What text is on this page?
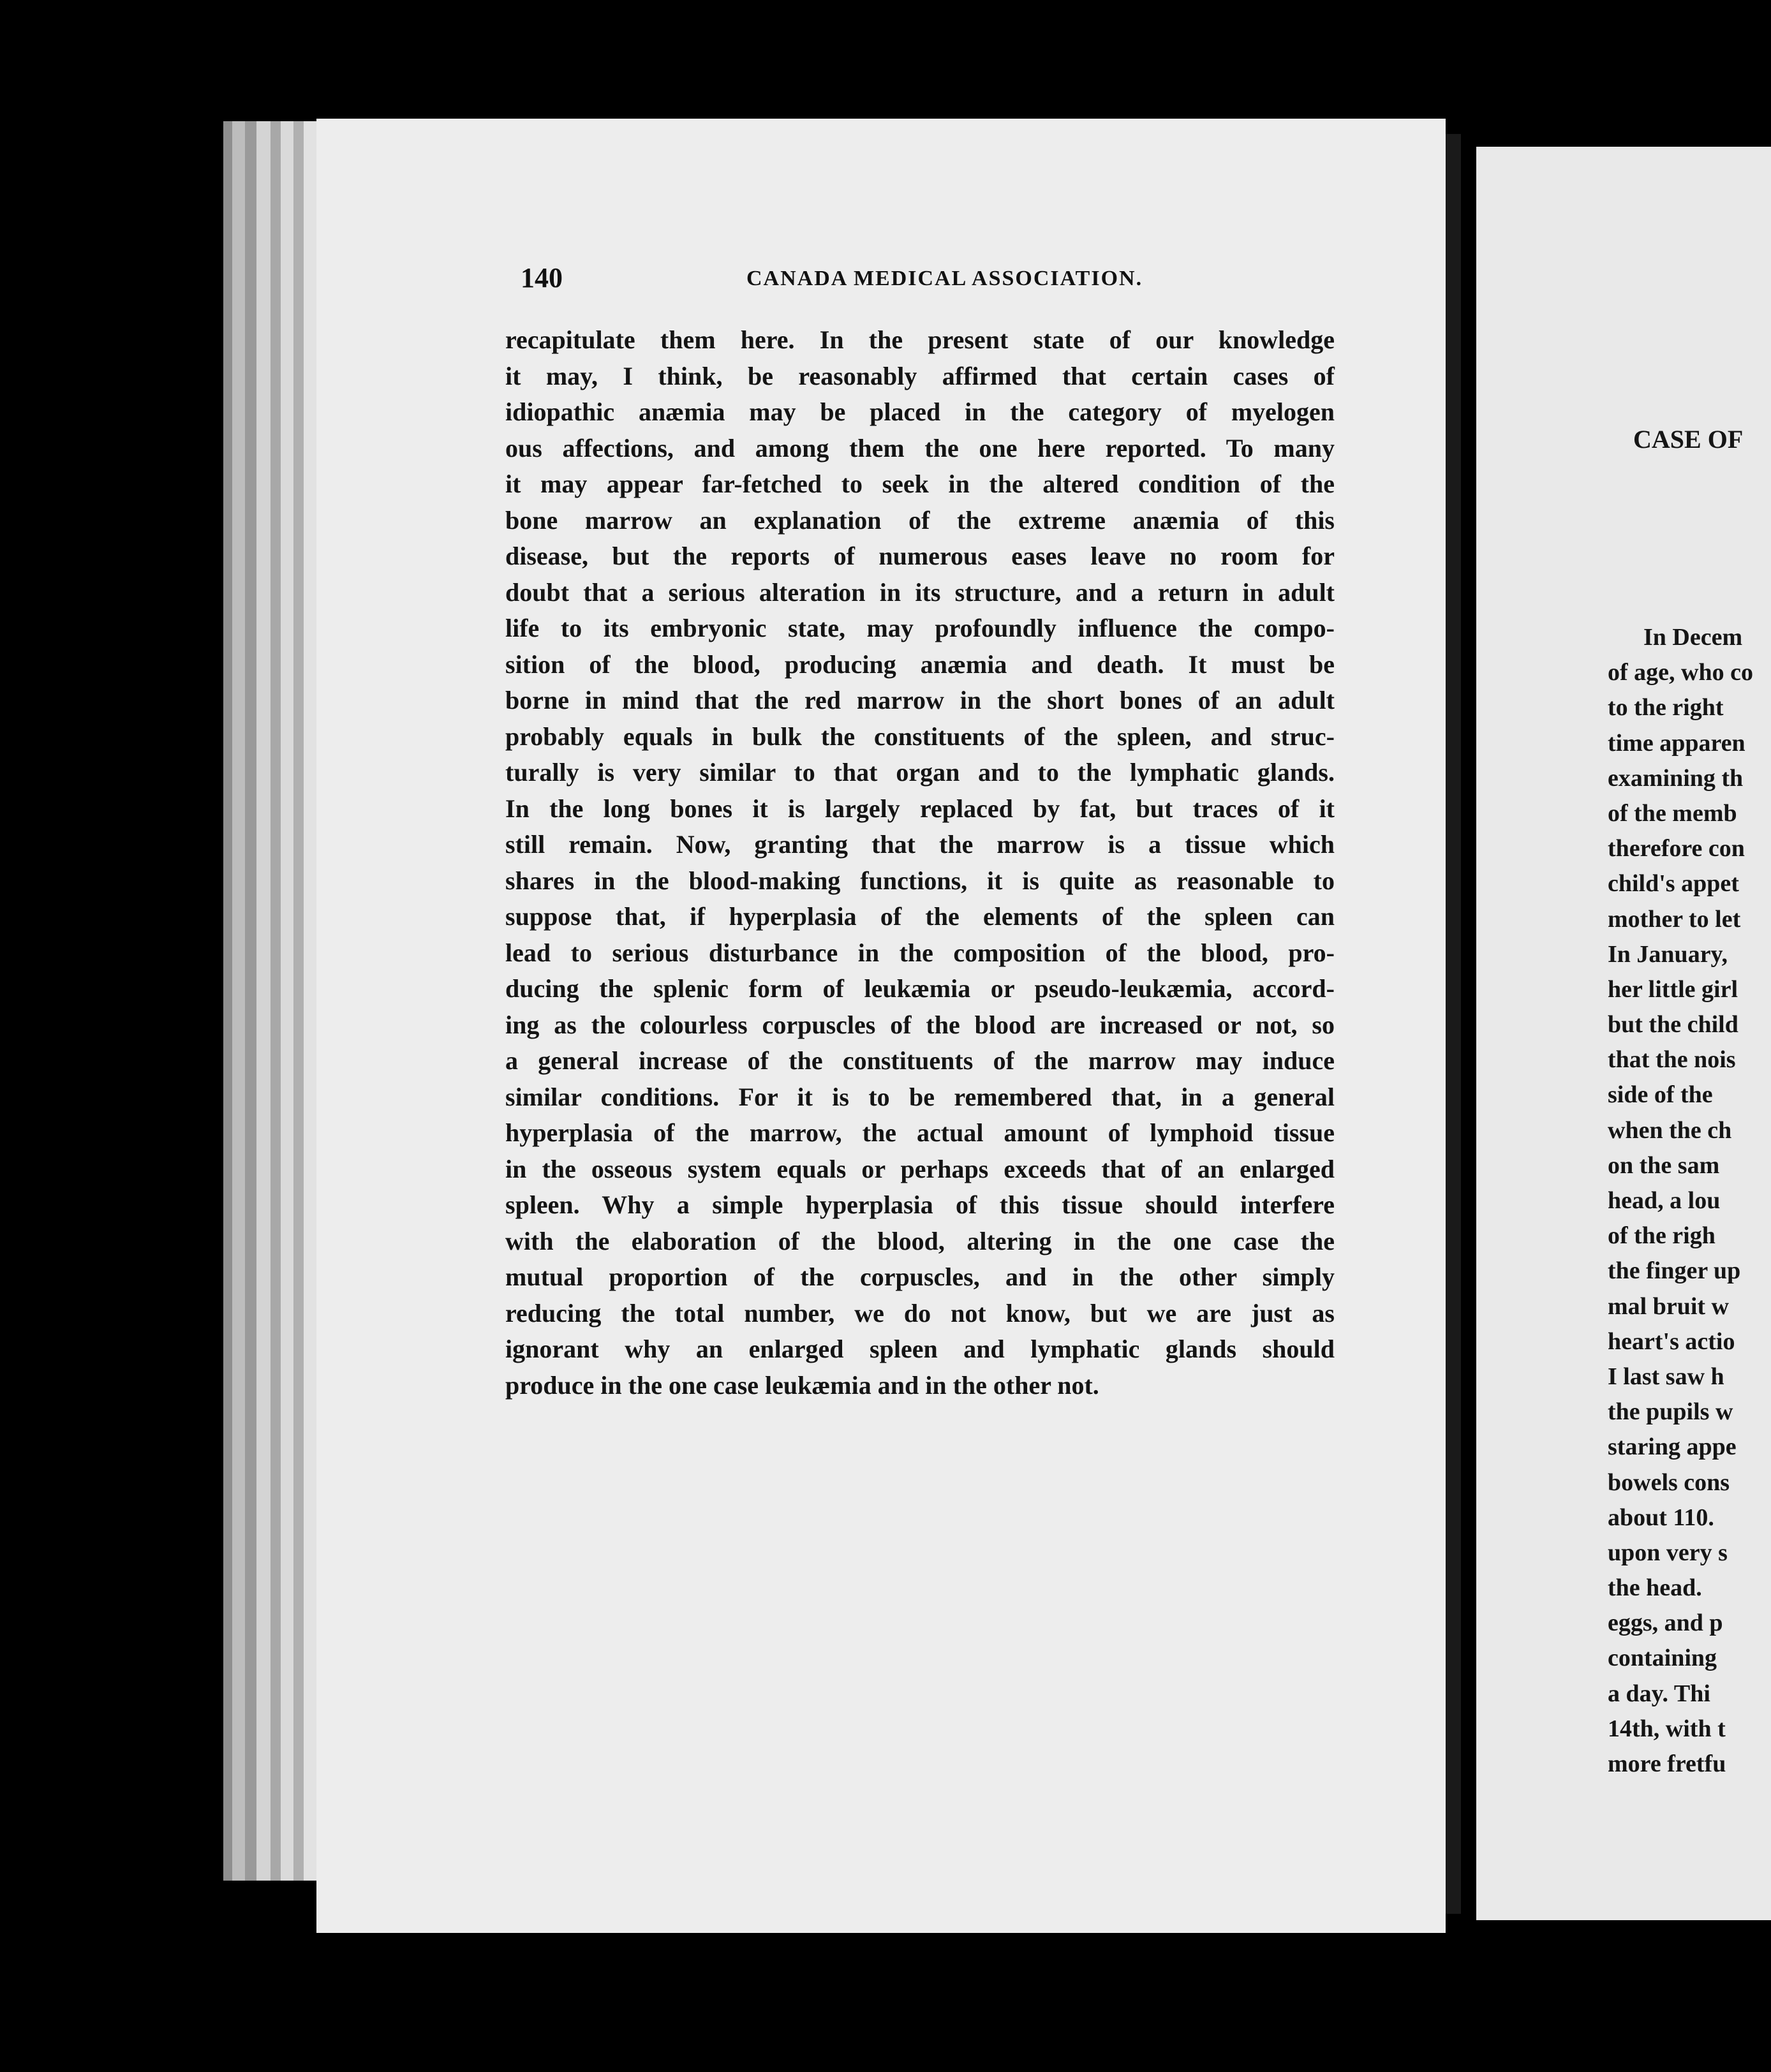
140	CANADA MEDICAL ASSOCIATION.
recapitulate them here. In the present state of our knowledge
it may, I think, be reasonably affirmed that certain cases of
idiopathic anæmia may be placed in the category of myelogen
ous affections, and among them the one here reported. To many
it may appear far-fetched to seek in the altered condition of the
bone marrow an explanation of the extreme anæmia of this
disease, but the reports of numerous eases leave no room for
doubt that a serious alteration in its structure, and a return in adult
life to its embryonic state, may profoundly influence the compo-
sition of the blood, producing anæmia and death. It must be
borne in mind that the red marrow in the short bones of an adult
probably equals in bulk the constituents of the spleen, and struc-
turally is very similar to that organ and to the lymphatic glands.
In the long bones it is largely replaced by fat, but traces of it
still remain. Now, granting that the marrow is a tissue which
shares in the blood-making functions, it is quite as reasonable to
suppose that, if hyperplasia of the elements of the spleen can
lead to serious disturbance in the composition of the blood, pro-
ducing the splenic form of leukæmia or pseudo-leukæmia, accord-
ing as the colourless corpuscles of the blood are increased or not, so
a general increase of the constituents of the marrow may induce
similar conditions. For it is to be remembered that, in a general
hyperplasia of the marrow, the actual amount of lymphoid tissue
in the osseous system equals or perhaps exceeds that of an enlarged
spleen. Why a simple hyperplasia of this tissue should interfere
with the elaboration of the blood, altering in the one case the
mutual proportion of the corpuscles, and in the other simply
reducing the total number, we do not know, but we are just as
ignorant why an enlarged spleen and lymphatic glands should
produce in the one case leukæmia and in the other not.
CASE OF
In Decem
of age, who co
to the right
time apparen
examining th
of the memb
therefore con
child's appet
mother to let
In January,
her little girl
but the child
that the nois
side of the
when the ch
on the sam
head, a lou
of the righ
the finger up
mal bruit w
heart's actio
I last saw h
the pupils w
staring appe
bowels cons
about 110.
upon very s
the head.
eggs, and p
containing
a day. Thi
14th, with t
more fretfu
